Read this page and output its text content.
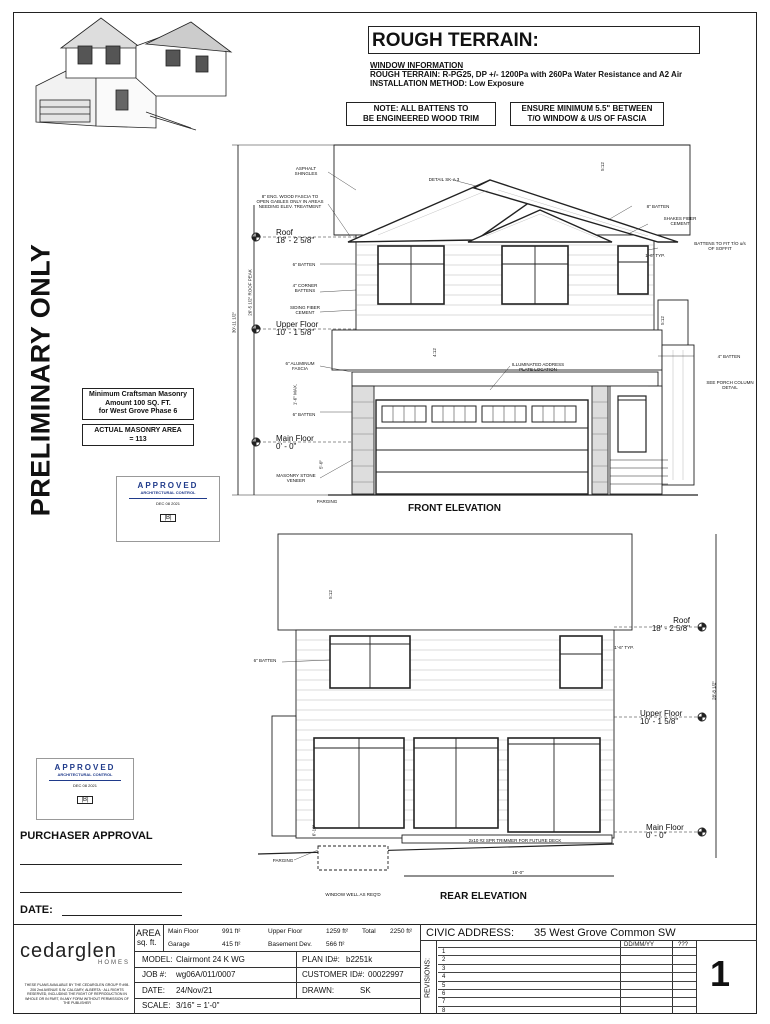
ROUGH TERRAIN:
WINDOW INFORMATION
ROUGH TERRAIN: R-PG25, DP +/- 1200Pa with 260Pa Water Resistance and A2 Air
INSTALLATION METHOD: Low Exposure
NOTE: ALL BATTENS TO
BE ENGINEERED WOOD TRIM
ENSURE MINIMUM 5.5" BETWEEN
T/O WINDOW & U/S OF FASCIA
PRELIMINARY ONLY	Minimum Craftsman Masonry
Amount 100 SQ. FT.
for West Grove Phase 6
ACTUAL MASONRY AREA
= 113
APPROVED
ARCHITECTURAL CONTROL
DEC 08 2021
|B|
APPROVED
ARCHITECTURAL CONTROL
DEC 08 2021
|B|
PURCHASER APPROVAL
DATE:
Roof
18' - 2 5/8"
Upper Floor
10' - 1 5/8"
Main Floor
0' - 0"
30'-11 1/2"
26'-5 1/2" ROOF PEAK
ASPHALT SHINGLES
8" ENG. WOOD FASCIA TO OPEN GABLES ONLY IN AREAS NEEDING ELEV. TREATMENT
6" BATTEN
4" CORNER BATTENS
SIDING FIBER CEMENT
6" ALUMINUM FASCIA
6" BATTEN
MASONRY STONE VENEER
PARGING
DETAIL SK-A 3
8" BATTEN
SHAKES FIBER CEMENT
BATTENS TO FIT T/O u/s OF SOFFIT
1'-6" TYP.
ILLUMINATED ADDRESS PLATE LOCATION
4" BATTEN
SEE PORCH COLUMN DETAIL
5:12
4:12
5:12
1'-6" MAX.
5'-0"
FRONT ELEVATION
Roof
18' - 2 5/8"
Upper Floor
10' - 1 5/8"
Main Floor
0' - 0"
28'-8 1/2"
16'-0"
5:12
6" BATTEN
1'-6" TYP.
2x10 #2 SPR TRIMMER FOR FUTURE DECK
PARGING
WINDOW WELL AS REQ'D
6'-10"
REAR ELEVATION
cedarglen
HOMES
THESE PLANS AVAILABLE BY THE CEDARGLEN GROUP ® #98-206 2nd AVENUE S.W. CALGARY, ALBERTA · ALL RIGHTS RESERVED, INCLUDING THE RIGHT OF REPRODUCTION IN WHOLE OR IN PART, IN ANY FORM WITHOUT PERMISSION OF THE PUBLISHER
AREA
sq. ft.
Main Floor	991 ft²	Upper Floor	1259 ft² Total 2250 ft²
Garage	415 ft²	Basement Dev. 566 ft²
MODEL: Clairmont 24 K WG	PLAN ID#: b2251k
JOB #: wg06A/011/0007	CUSTOMER ID#: 00022997
DATE: 24/Nov/21	DRAWN:	SK
SCALE: 3/16" = 1'-0"
CIVIC ADDRESS: 35 West Grove Common SW
REVISIONS:
DD/MM/YY	???
1
2
3
4
5
6
7
8
1
